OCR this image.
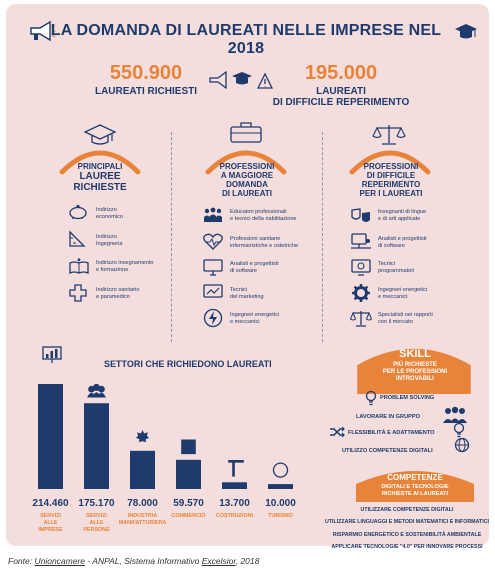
LA DOMANDA DI LAUREATI NELLE IMPRESE NEL 2018
550.900
LAUREATI RICHIESTI
195.000
LAUREATI
DI DIFFICILE REPERIMENTO
PRINCIPALI
LAUREE
RICHIESTE
Indirizzo
economico
Indirizzo
Ingegneria
Indirizzo insegnamento
e formazione
Indirizzo sanitario
e paramedico
PROFESSIONI
A MAGGIORE
DOMANDA
DI LAUREATI
Educatori professionali
e tecnici della riabilitazione
Professioni sanitarie
infermieristiche e ostetriche
Analisti e progettisti
di software
Tecnici
del marketing
Ingegneri energetici
e meccanici
PROFESSIONI
DI DIFFICILE
REPERIMENTO
PER I LAUREATI
Insegnanti di lingue
e di arti applicate
Analisti e progettisti
di software
Tecnici
programmatori
Ingegneri energetici
e meccanici
Specialisti nei rapporti
con il mercato
SETTORI CHE RICHIEDONO LAUREATI
214.460
SERVIZI
ALLE
IMPRESE
175.170
SERVIZI
ALLE
PERSONE
78.000
INDUSTRIA
MANIFATTURIERA
59.570
COMMERCIO
13.700
COSTRUZIONI
10.000
TURISMO
SKILL
PIÙ RICHIESTE
PER LE PROFESSIONI
INTROVABILI
PROBLEM SOLVING
LAVORARE IN GRUPPO
FLESSIBILITÀ E ADATTAMENTO
UTILIZZO COMPETENZE DIGITALI
COMPETENZE
DIGITALI E TECNOLOGIE
RICHIESTE AI LAUREATI
UTILIZZARE COMPETENZE DIGITALI
UTILIZZARE LINGUAGGI E METODI MATEMATICI E INFORMATICI
RISPARMIO ENERGETICO E SOSTENIBILITÀ AMBIENTALE
APPLICARE TECNOLOGIE "4.0" PER INNOVARE PROCESSI
Fonte: Unioncamere - ANPAL, Sistema Informativo Excelsior, 2018
